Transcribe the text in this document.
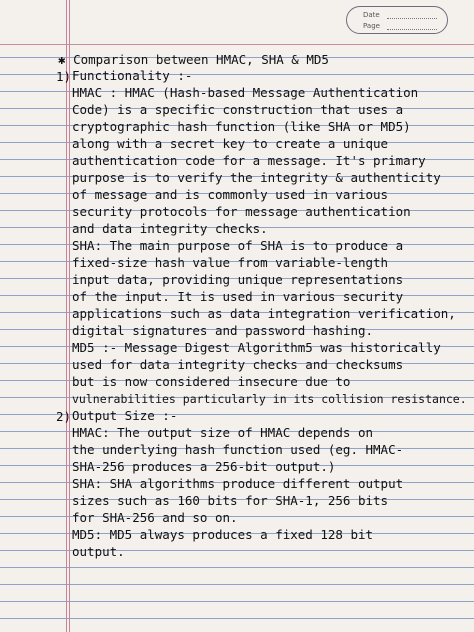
Date
Page
✱ Comparison between HMAC, SHA & MD5
1) Functionality :-
HMAC : HMAC (Hash-based Message Authentication
Code) is a specific construction that uses a
cryptographic hash function (like SHA or MD5)
along with a secret key to create a unique
authentication code for a message. It's primary
purpose is to verify the integrity & authenticity
of message and is commonly used in various
security protocols for message authentication
and data integrity checks.
SHA: The main purpose of SHA is to produce a
fixed-size hash value from variable-length
input data, providing unique representations
of the input. It is used in various security
applications such as data integration verification,
digital signatures and password hashing.
MD5 :- Message Digest Algorithm5 was historically
used for data integrity checks and checksums
but is now considered insecure due to
vulnerabilities particularly in its collision resistance.
2) Output Size :-
HMAC: The output size of HMAC depends on
the underlying hash function used (eg. HMAC-
SHA-256 produces a 256-bit output.)
SHA: SHA algorithms produce different output
sizes such as 160 bits for SHA-1, 256 bits
for SHA-256 and so on.
MD5: MD5 always produces a fixed 128 bit
output.
